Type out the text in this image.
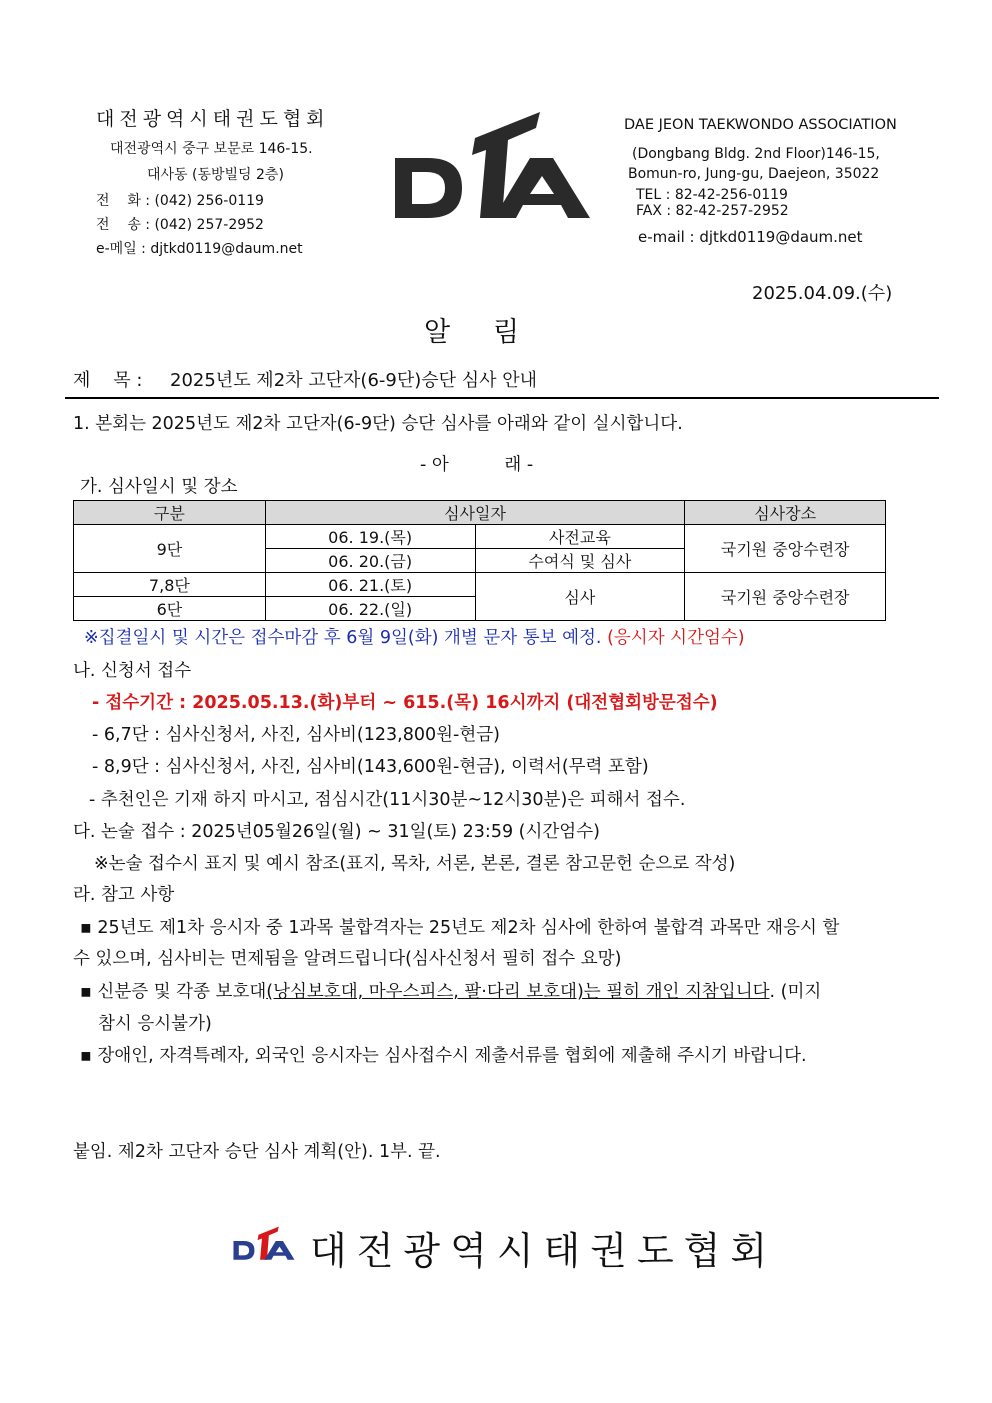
대전광역시태권도협회
대전광역시 중구 보문로 146-15.
대사동 (동방빌딩 2층)
전    화 : (042) 256-0119
전    송 : (042) 257-2952
e-메일 : djtkd0119@daum.net
DAE JEON TAEKWONDO ASSOCIATION
(Dongbang Bldg. 2nd Floor)146-15,
Bomun-ro, Jung-gu, Daejeon, 35022
TEL : 82-42-256-0119
FAX : 82-42-257-2952
e-mail : djtkd0119@daum.net
2025.04.09.(수)
알     림
제    목 : 2025년도 제2차 고단자(6-9단)승단 심사 안내
1. 본회는 2025년도 제2차 고단자(6-9단) 승단 심사를 아래와 같이 실시합니다.
- 아          래 -
가. 심사일시 및 장소
구분	심사일자		심사장소
9단	06. 19.(목)	사전교육	국기원 중앙수련장
	06. 20.(금)	수여식 및 심사	
7,8단	06. 21.(토)	심사	국기원 중앙수련장
6단	06. 22.(일)		
※집결일시 및 시간은 접수마감 후 6월 9일(화) 개별 문자 통보 예정. (응시자 시간엄수)
나. 신청서 접수
- 접수기간 : 2025.05.13.(화)부터 ~ 615.(목) 16시까지 (대전협회방문접수)
- 6,7단 : 심사신청서, 사진, 심사비(123,800원-현금)
- 8,9단 : 심사신청서, 사진, 심사비(143,600원-현금), 이력서(무력 포함)
- 추천인은 기재 하지 마시고, 점심시간(11시30분~12시30분)은 피해서 접수.
다. 논술 접수 : 2025년05월26일(월) ~ 31일(토) 23:59 (시간엄수)
※논술 접수시 표지 및 예시 참조(표지, 목차, 서론, 본론, 결론 참고문헌 순으로 작성)
라. 참고 사항
▪ 25년도 제1차 응시자 중 1과목 불합격자는 25년도 제2차 심사에 한하여 불합격 과목만 재응시 할
수 있으며, 심사비는 면제됨을 알려드립니다(심사신청서 필히 접수 요망)
▪ 신분증 및 각종 보호대(낭심보호대, 마우스피스, 팔·다리 보호대)는 필히 개인 지참입니다. (미지
참시 응시불가)
▪ 장애인, 자격특례자, 외국인 응시자는 심사접수시 제출서류를 협회에 제출해 주시기 바랍니다.
붙임. 제2차 고단자 승단 심사 계획(안). 1부. 끝.
대전광역시태권도협회
